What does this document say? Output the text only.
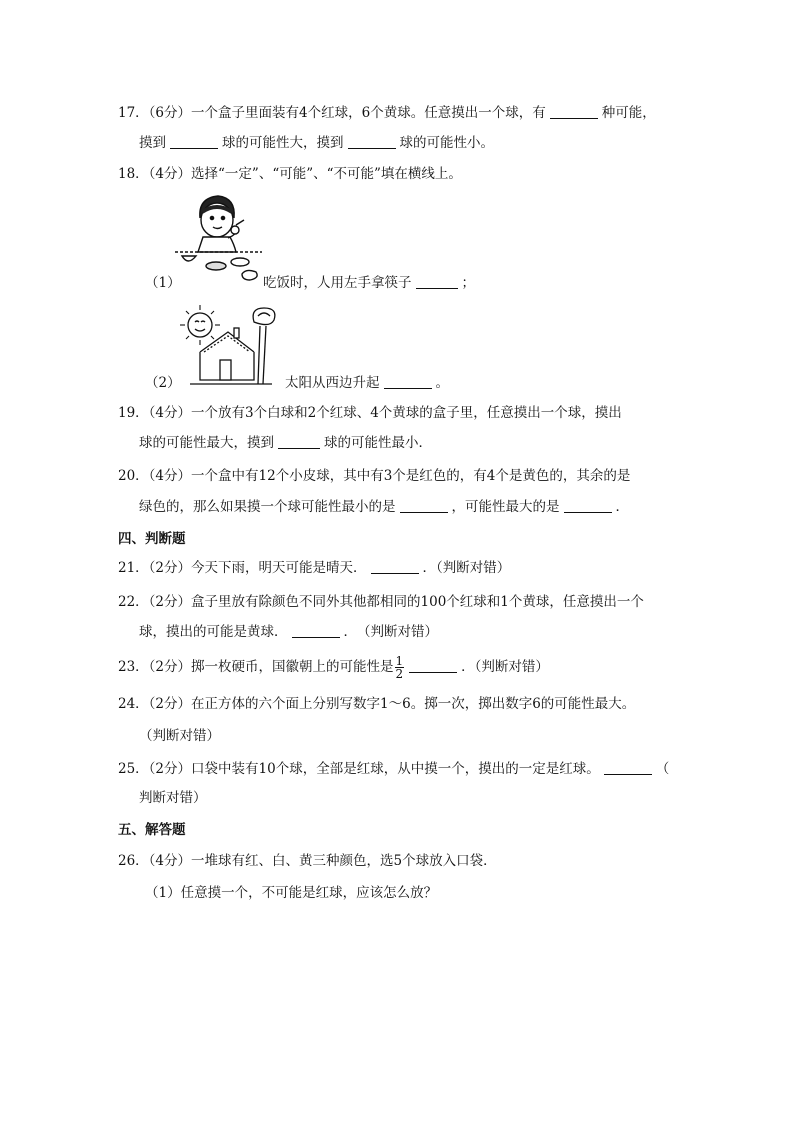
17．（6分）一个盒子里面装有4个红球，6个黄球。任意摸出一个球，有	种可能，
摸到	球的可能性大，摸到	球的可能性小。
18．（4分）选择“一定”、“可能”、“不可能”填在横线上。
（1）	吃饭时，人用左手拿筷子	；
（2）	太阳从西边升起	。
19．（4分）一个放有3个白球和2个红球、4个黄球的盒子里，任意摸出一个球，摸出
球的可能性最大，摸到	球的可能性最小．
20．（4分）一个盒中有12个小皮球，其中有3个是红色的，有4个是黄色的，其余的是
绿色的，那么如果摸一个球可能性最小的是	，可能性最大的是	．
四、判断题
21．（2分）今天下雨，明天可能是晴天．	．（判断对错）
22．（2分）盒子里放有除颜色不同外其他都相同的100个红球和1个黄球，任意摸出一个
球，摸出的可能是黄球．	．　（判断对错）
23．（2分）掷一枚硬币，国徽朝上的可能性是 $\frac{1}{2}$	．（判断对错）
24．（2分）在正方体的六个面上分别写数字1～6。掷一次，掷出数字6的可能性最大。
（判断对错）
25．（2分）口袋中装有10个球，全部是红球，从中摸一个，摸出的一定是红球。	（
判断对错）
五、解答题
26．（4分）一堆球有红、白、黄三种颜色，选5个球放入口袋．
（1）任意摸一个，不可能是红球，应该怎么放？
